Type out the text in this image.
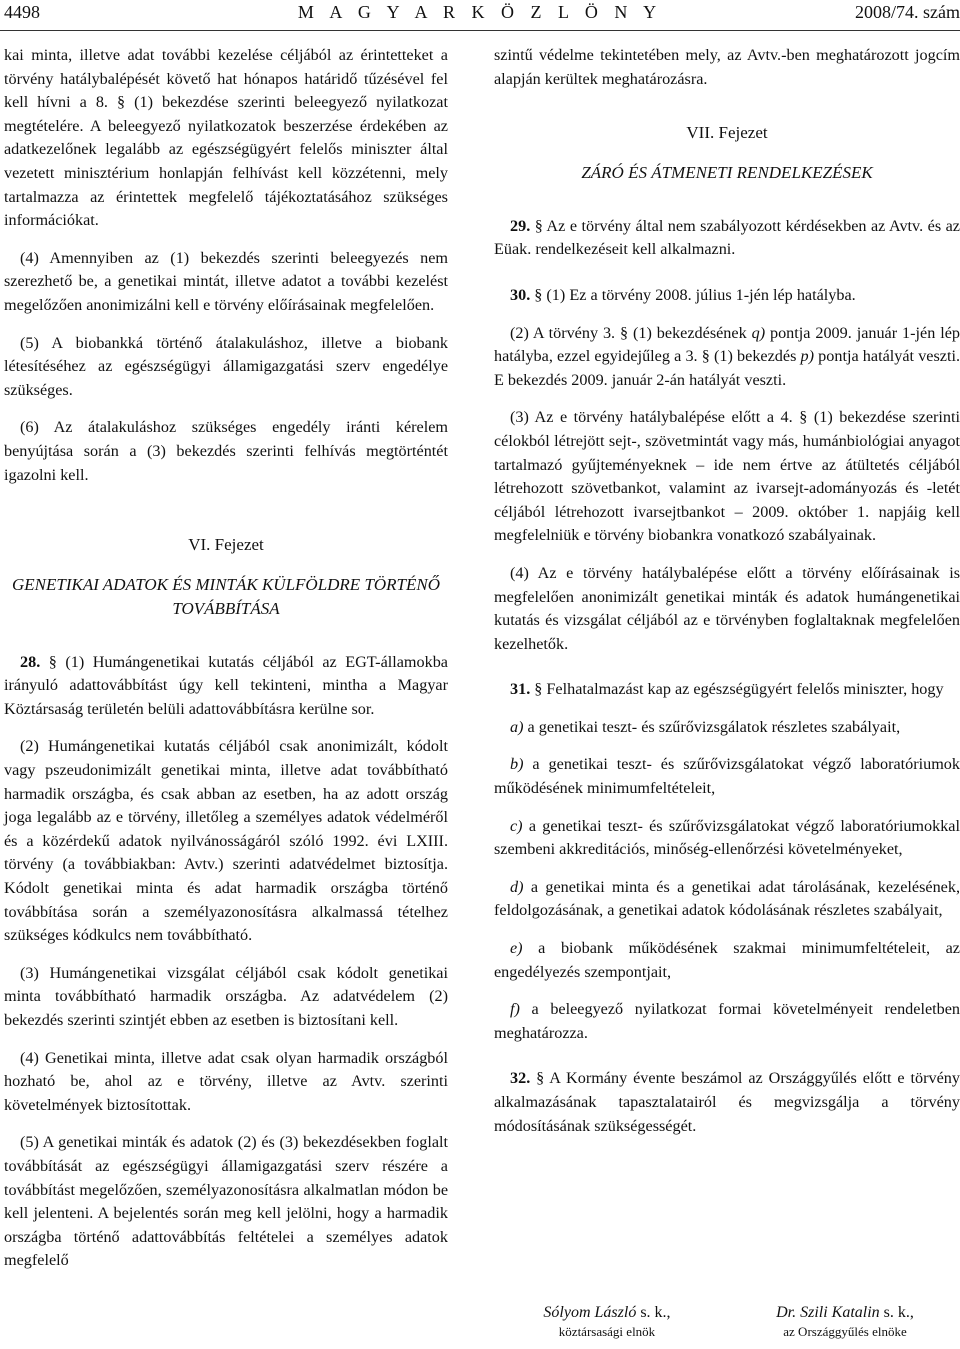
4498	M A G Y A R K Ö Z L Ö N Y	2008/74. szám

kai minta, illetve adat további kezelése céljából az érintetteket a törvény hatálybalépését követő hat hónapos határidő tűzésével fel kell hívni a 8. § (1) bekezdése szerinti beleegyező nyilatkozat megtételére. A beleegyező nyilatkozatok beszerzése érdekében az adatkezelőnek legalább az egészségügyért felelős miniszter által vezetett minisztérium honlapján felhívást kell közzétenni, mely tartalmazza az érintettek megfelelő tájékoztatásához szükséges információkat.

(4) Amennyiben az (1) bekezdés szerinti beleegyezés nem szerezhető be, a genetikai mintát, illetve adatot a további kezelést megelőzően anonimizálni kell e törvény előírásainak megfelelően.

(5) A biobankká történő átalakuláshoz, illetve a biobank létesítéséhez az egészségügyi államigazgatási szerv engedélye szükséges.

(6) Az átalakuláshoz szükséges engedély iránti kérelem benyújtása során a (3) bekezdés szerinti felhívás megtörténtét igazolni kell.

VI. Fejezet
GENETIKAI ADATOK ÉS MINTÁK KÜLFÖLDRE TÖRTÉNŐ TOVÁBBÍTÁSA

28. § (1) Humángenetikai kutatás céljából az EGT-államokba irányuló adattovábbítást úgy kell tekinteni, mintha a Magyar Köztársaság területén belüli adattovábbításra kerülne sor.

(2) Humángenetikai kutatás céljából csak anonimizált, kódolt vagy pszeudonimizált genetikai minta, illetve adat továbbítható harmadik országba, és csak abban az esetben, ha az adott ország joga legalább az e törvény, illetőleg a személyes adatok védelméről és a közérdekű adatok nyilvánosságáról szóló 1992. évi LXIII. törvény (a továbbiakban: Avtv.) szerinti adatvédelmet biztosítja. Kódolt genetikai minta és adat harmadik országba történő továbbítása során a személyazonosításra alkalmassá tételhez szükséges kódkulcs nem továbbítható.

(3) Humángenetikai vizsgálat céljából csak kódolt genetikai minta továbbítható harmadik országba. Az adatvédelem (2) bekezdés szerinti szintjét ebben az esetben is biztosítani kell.

(4) Genetikai minta, illetve adat csak olyan harmadik országból hozható be, ahol az e törvény, illetve az Avtv. szerinti követelmények biztosítottak.

(5) A genetikai minták és adatok (2) és (3) bekezdésekben foglalt továbbítását az egészségügyi államigazgatási szerv részére a továbbítást megelőzően, személyazonosításra alkalmatlan módon be kell jelenteni. A bejelentés során meg kell jelölni, hogy a harmadik országba történő adattovábbítás feltételei a személyes adatok megfelelő

szintű védelme tekintetében mely, az Avtv.-ben meghatározott jogcím alapján kerültek meghatározásra.

VII. Fejezet
ZÁRÓ ÉS ÁTMENETI RENDELKEZÉSEK

29. § Az e törvény által nem szabályozott kérdésekben az Avtv. és az Eüak. rendelkezéseit kell alkalmazni.

30. § (1) Ez a törvény 2008. július 1-jén lép hatályba.

(2) A törvény 3. § (1) bekezdésének q) pontja 2009. január 1-jén lép hatályba, ezzel egyidejűleg a 3. § (1) bekezdés p) pontja hatályát veszti. E bekezdés 2009. január 2-án hatályát veszti.

(3) Az e törvény hatálybalépése előtt a 4. § (1) bekezdése szerinti célokból létrejött sejt-, szövetmintát vagy más, humánbiológiai anyagot tartalmazó gyűjteményeknek – ide nem értve az átültetés céljából létrehozott szövetbankot, valamint az ivarsejt-adományozás és -letét céljából létrehozott ivarsejtbankot – 2009. október 1. napjáig kell megfelelniük e törvény biobankra vonatkozó szabályainak.

(4) Az e törvény hatálybalépése előtt a törvény előírásainak is megfelelően anonimizált genetikai minták és adatok humángenetikai kutatás és vizsgálat céljából az e törvényben foglaltaknak megfelelően kezelhetők.

31. § Felhatalmazást kap az egészségügyért felelős miniszter, hogy

a) a genetikai teszt- és szűrővizsgálatok részletes szabályait,

b) a genetikai teszt- és szűrővizsgálatokat végző laboratóriumok működésének minimumfeltételeit,

c) a genetikai teszt- és szűrővizsgálatokat végző laboratóriumokkal szembeni akkreditációs, minőség-ellenőrzési követelményeket,

d) a genetikai minta és a genetikai adat tárolásának, kezelésének, feldolgozásának, a genetikai adatok kódolásának részletes szabályait,

e) a biobank működésének szakmai minimumfeltételeit, az engedélyezés szempontjait,

f) a beleegyező nyilatkozat formai követelményeit rendeletben meghatározza.

32. § A Kormány évente beszámol az Országgyűlés előtt e törvény alkalmazásának tapasztalatairól és megvizsgálja a törvény módosításának szükségességét.

Sólyom László s. k.,
köztársasági elnök
Dr. Szili Katalin s. k.,
az Országgyűlés elnöke
